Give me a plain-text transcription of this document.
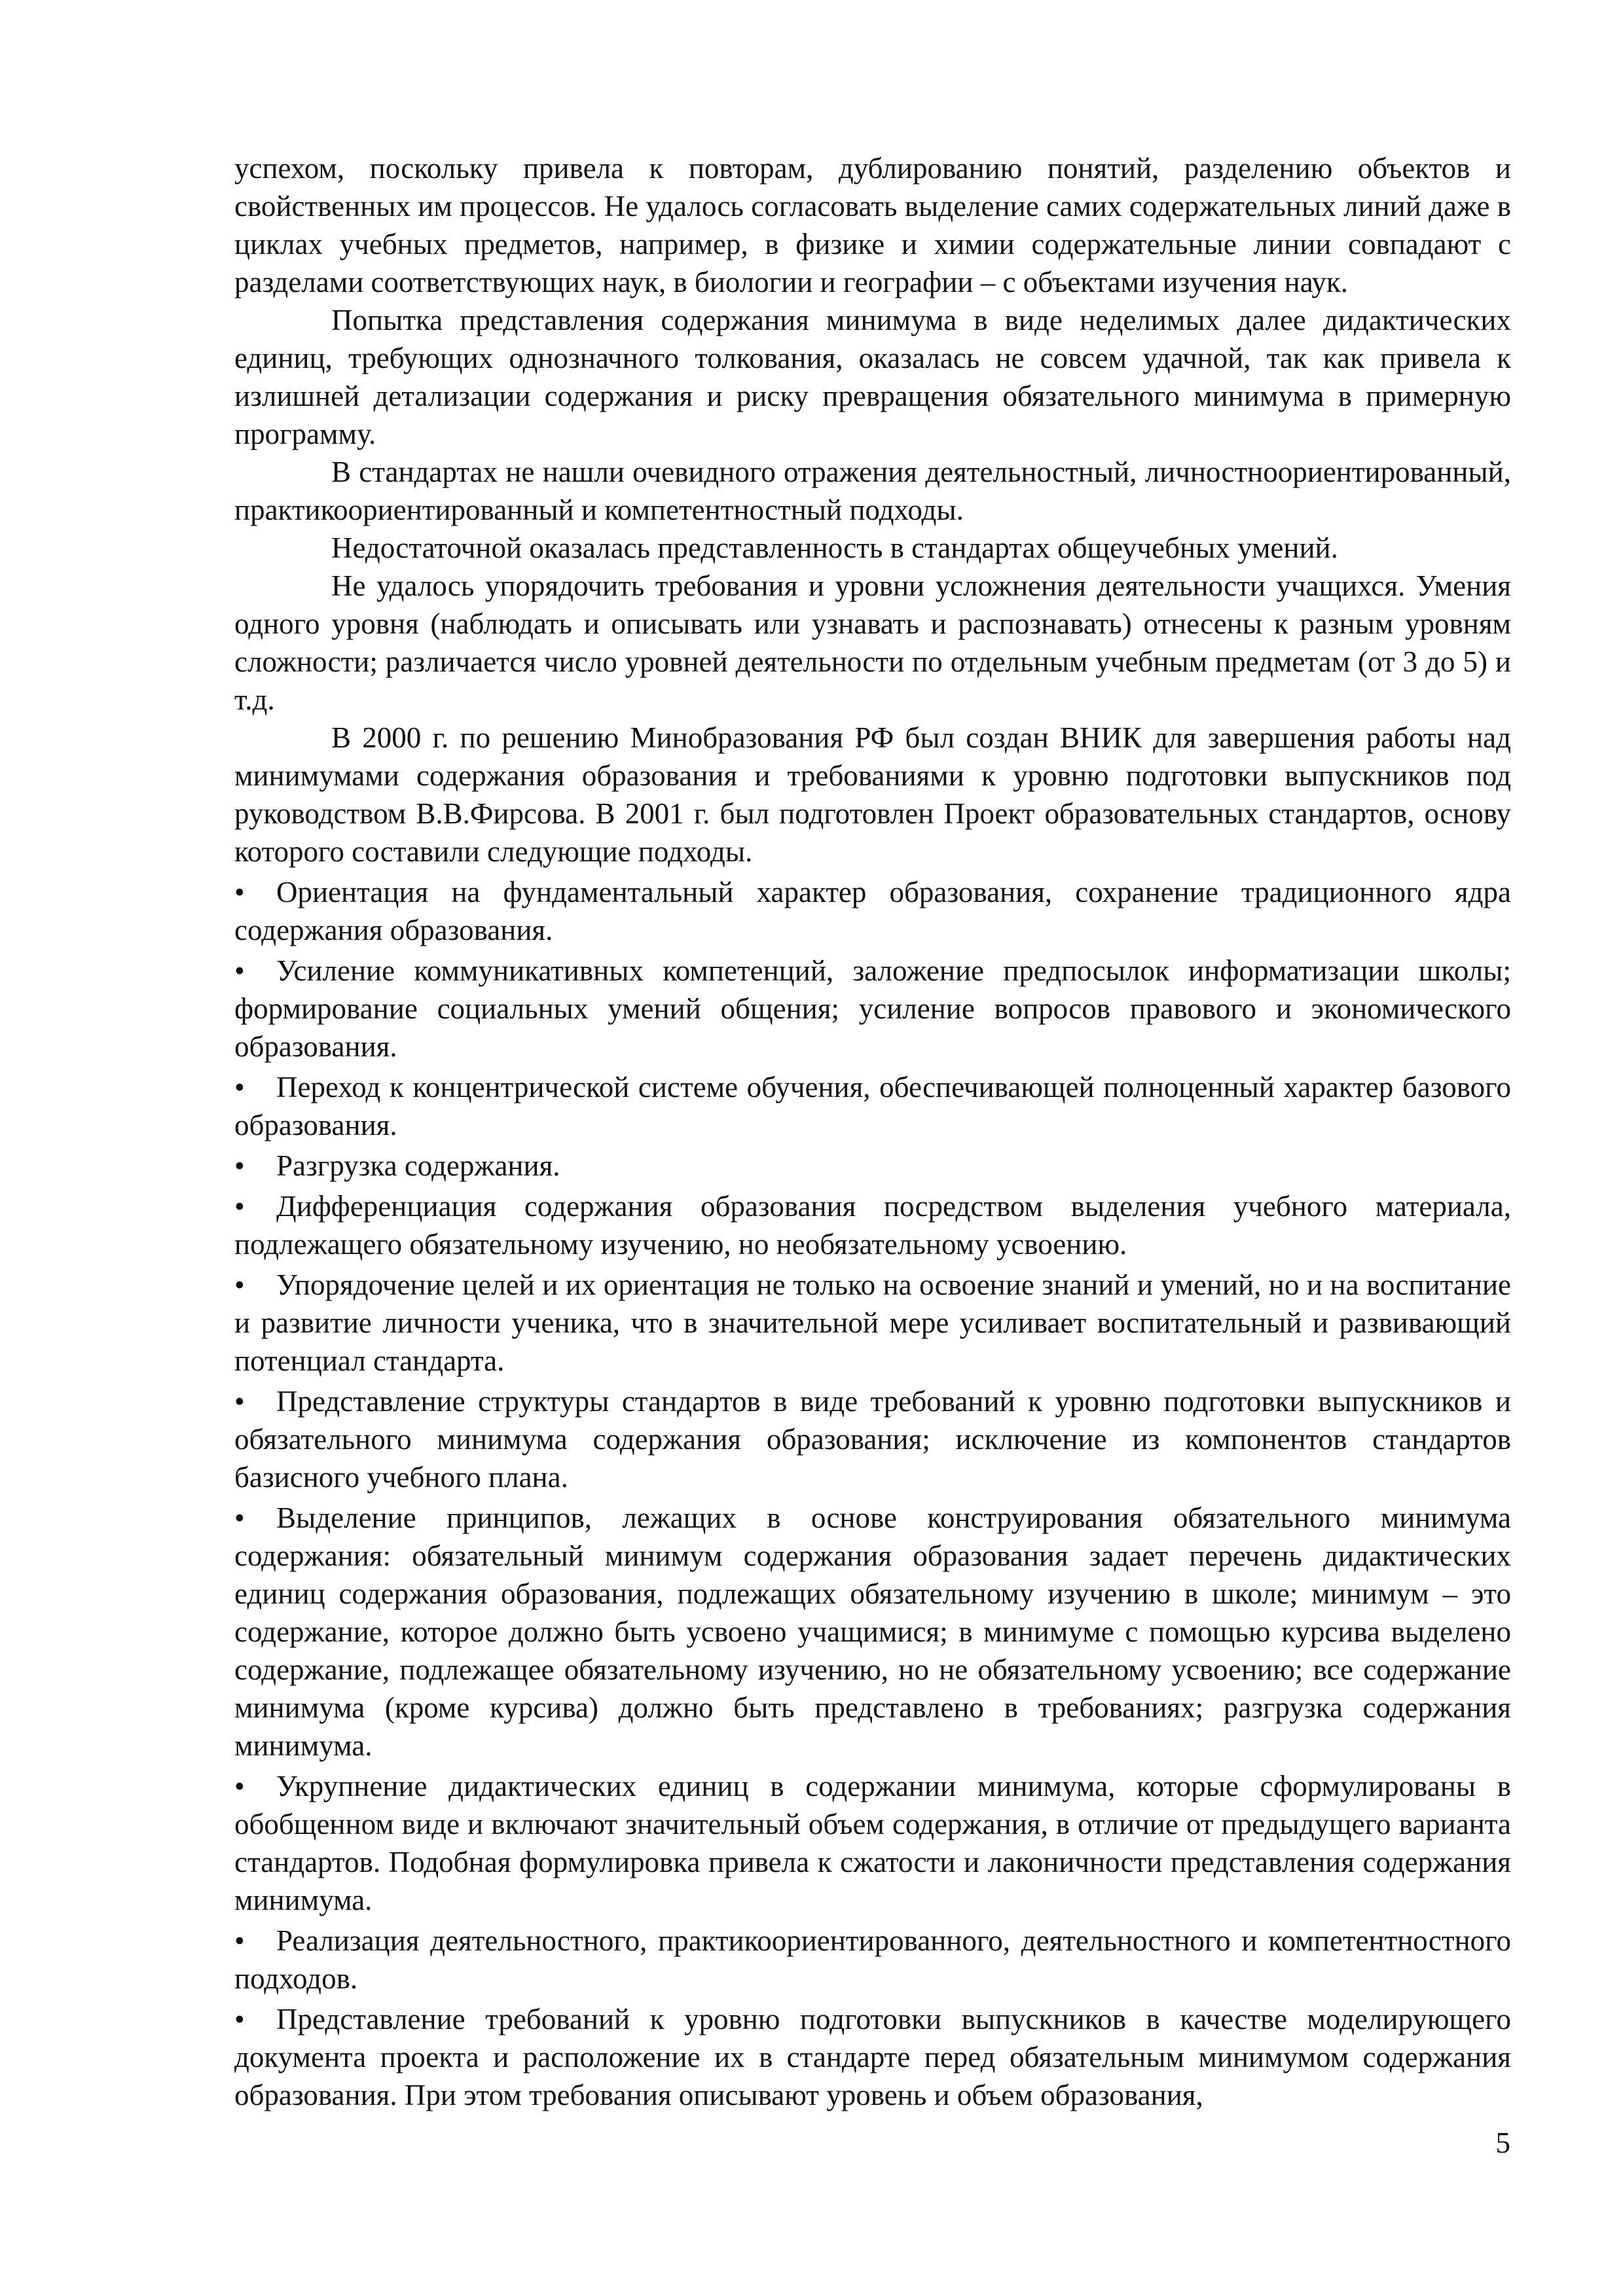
успехом, поскольку привела к повторам, дублированию понятий, разделению объектов и свойственных им процессов. Не удалось согласовать выделение самих содержательных линий даже в циклах учебных предметов, например, в физике и химии содержательные линии совпадают с разделами соответствующих наук, в биологии и географии – с объектами изучения наук.

Попытка представления содержания минимума в виде неделимых далее дидактических единиц, требующих однозначного толкования, оказалась не совсем удачной, так как привела к излишней детализации содержания и риску превращения обязательного минимума в примерную программу.

В стандартах не нашли очевидного отражения деятельностный, личностноориентированный, практикоориентированный и компетентностный подходы.

Недостаточной оказалась представленность в стандартах общеучебных умений.

Не удалось упорядочить требования и уровни усложнения деятельности учащихся. Умения одного уровня (наблюдать и описывать или узнавать и распознавать) отнесены к разным уровням сложности; различается число уровней деятельности по отдельным учебным предметам (от 3 до 5) и т.д.

В 2000 г. по решению Минобразования РФ был создан ВНИК для завершения работы над минимумами содержания образования и требованиями к уровню подготовки выпускников под руководством В.В.Фирсова. В 2001 г. был подготовлен Проект образовательных стандартов, основу которого составили следующие подходы.

• Ориентация на фундаментальный характер образования, сохранение традиционного ядра содержания образования.
• Усиление коммуникативных компетенций, заложение предпосылок информатизации школы; формирование социальных умений общения; усиление вопросов правового и экономического образования.
• Переход к концентрической системе обучения, обеспечивающей полноценный характер базового образования.
• Разгрузка содержания.
• Дифференциация содержания образования посредством выделения учебного материала, подлежащего обязательному изучению, но необязательному усвоению.
• Упорядочение целей и их ориентация не только на освоение знаний и умений, но и на воспитание и развитие личности ученика, что в значительной мере усиливает воспитательный и развивающий потенциал стандарта.
• Представление структуры стандартов в виде требований к уровню подготовки выпускников и обязательного минимума содержания образования; исключение из компонентов стандартов базисного учебного плана.
• Выделение принципов, лежащих в основе конструирования обязательного минимума содержания: обязательный минимум содержания образования задает перечень дидактических единиц содержания образования, подлежащих обязательному изучению в школе; минимум – это содержание, которое должно быть усвоено учащимися; в минимуме с помощью курсива выделено содержание, подлежащее обязательному изучению, но не обязательному усвоению; все содержание минимума (кроме курсива) должно быть представлено в требованиях; разгрузка содержания минимума.
• Укрупнение дидактических единиц в содержании минимума, которые сформулированы в обобщенном виде и включают значительный объем содержания, в отличие от предыдущего варианта стандартов. Подобная формулировка привела к сжатости и лаконичности представления содержания минимума.
• Реализация деятельностного, практикоориентированного, деятельностного и компетентностного подходов.
• Представление требований к уровню подготовки выпускников в качестве моделирующего документа проекта и расположение их в стандарте перед обязательным минимумом содержания образования. При этом требования описывают уровень и объем образования,
5
